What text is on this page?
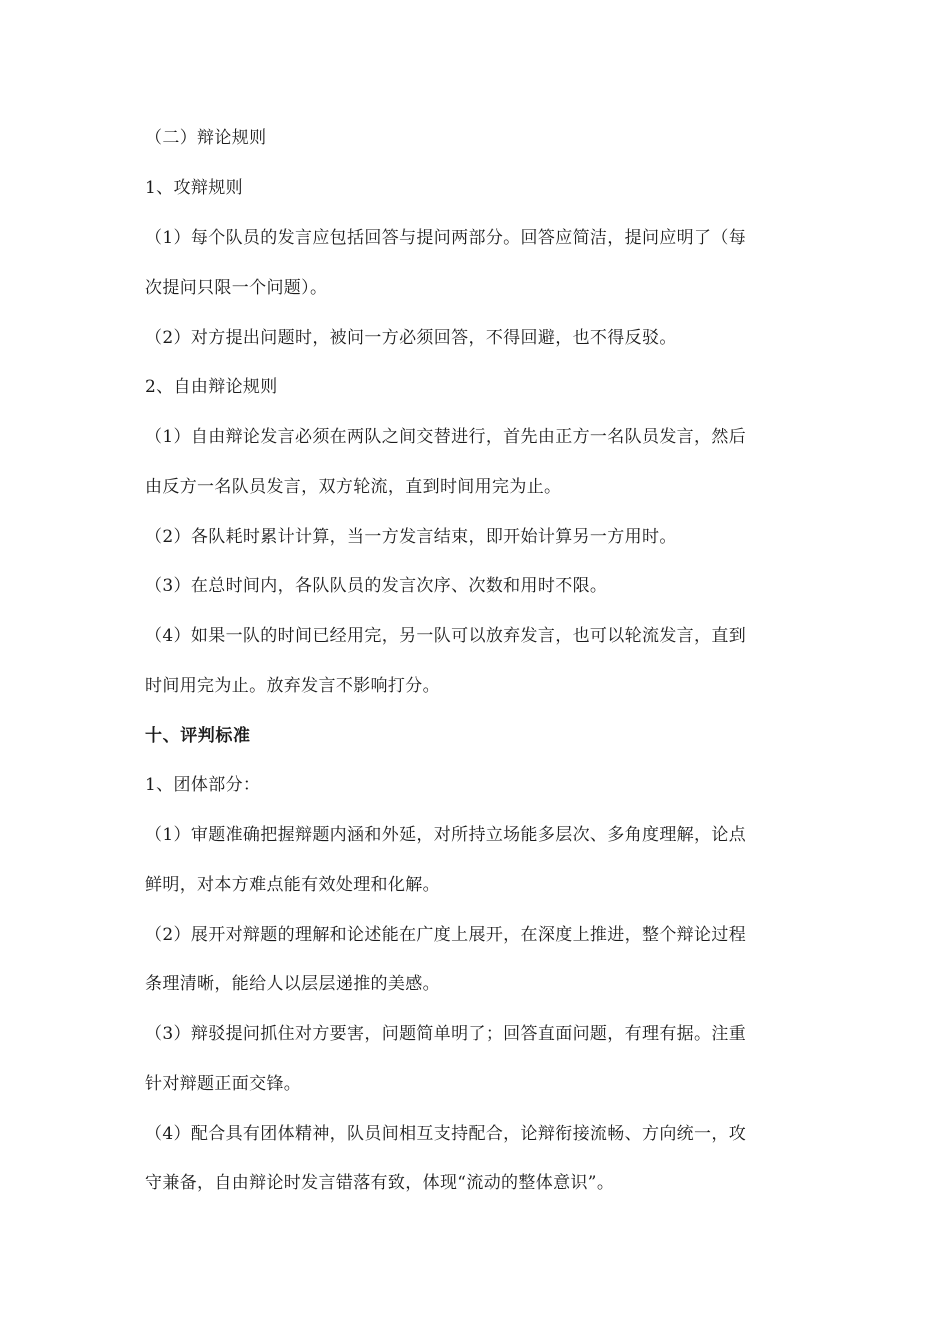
（二）辩论规则
1、攻辩规则
（1）每个队员的发言应包括回答与提问两部分。回答应简洁，提问应明了（每
次提问只限一个问题）。
（2）对方提出问题时，被问一方必须回答，不得回避，也不得反驳。
2、自由辩论规则
（1）自由辩论发言必须在两队之间交替进行，首先由正方一名队员发言，然后
由反方一名队员发言，双方轮流，直到时间用完为止。
（2）各队耗时累计计算，当一方发言结束，即开始计算另一方用时。
（3）在总时间内，各队队员的发言次序、次数和用时不限。
（4）如果一队的时间已经用完，另一队可以放弃发言，也可以轮流发言，直到
时间用完为止。放弃发言不影响打分。
十、评判标准
1、团体部分：
（1）审题准确把握辩题内涵和外延，对所持立场能多层次、多角度理解，论点
鲜明，对本方难点能有效处理和化解。
（2）展开对辩题的理解和论述能在广度上展开，在深度上推进，整个辩论过程
条理清晰，能给人以层层递推的美感。
（3）辩驳提问抓住对方要害，问题简单明了；回答直面问题，有理有据。注重
针对辩题正面交锋。
（4）配合具有团体精神，队员间相互支持配合，论辩衔接流畅、方向统一，攻
守兼备，自由辩论时发言错落有致，体现“流动的整体意识”。
